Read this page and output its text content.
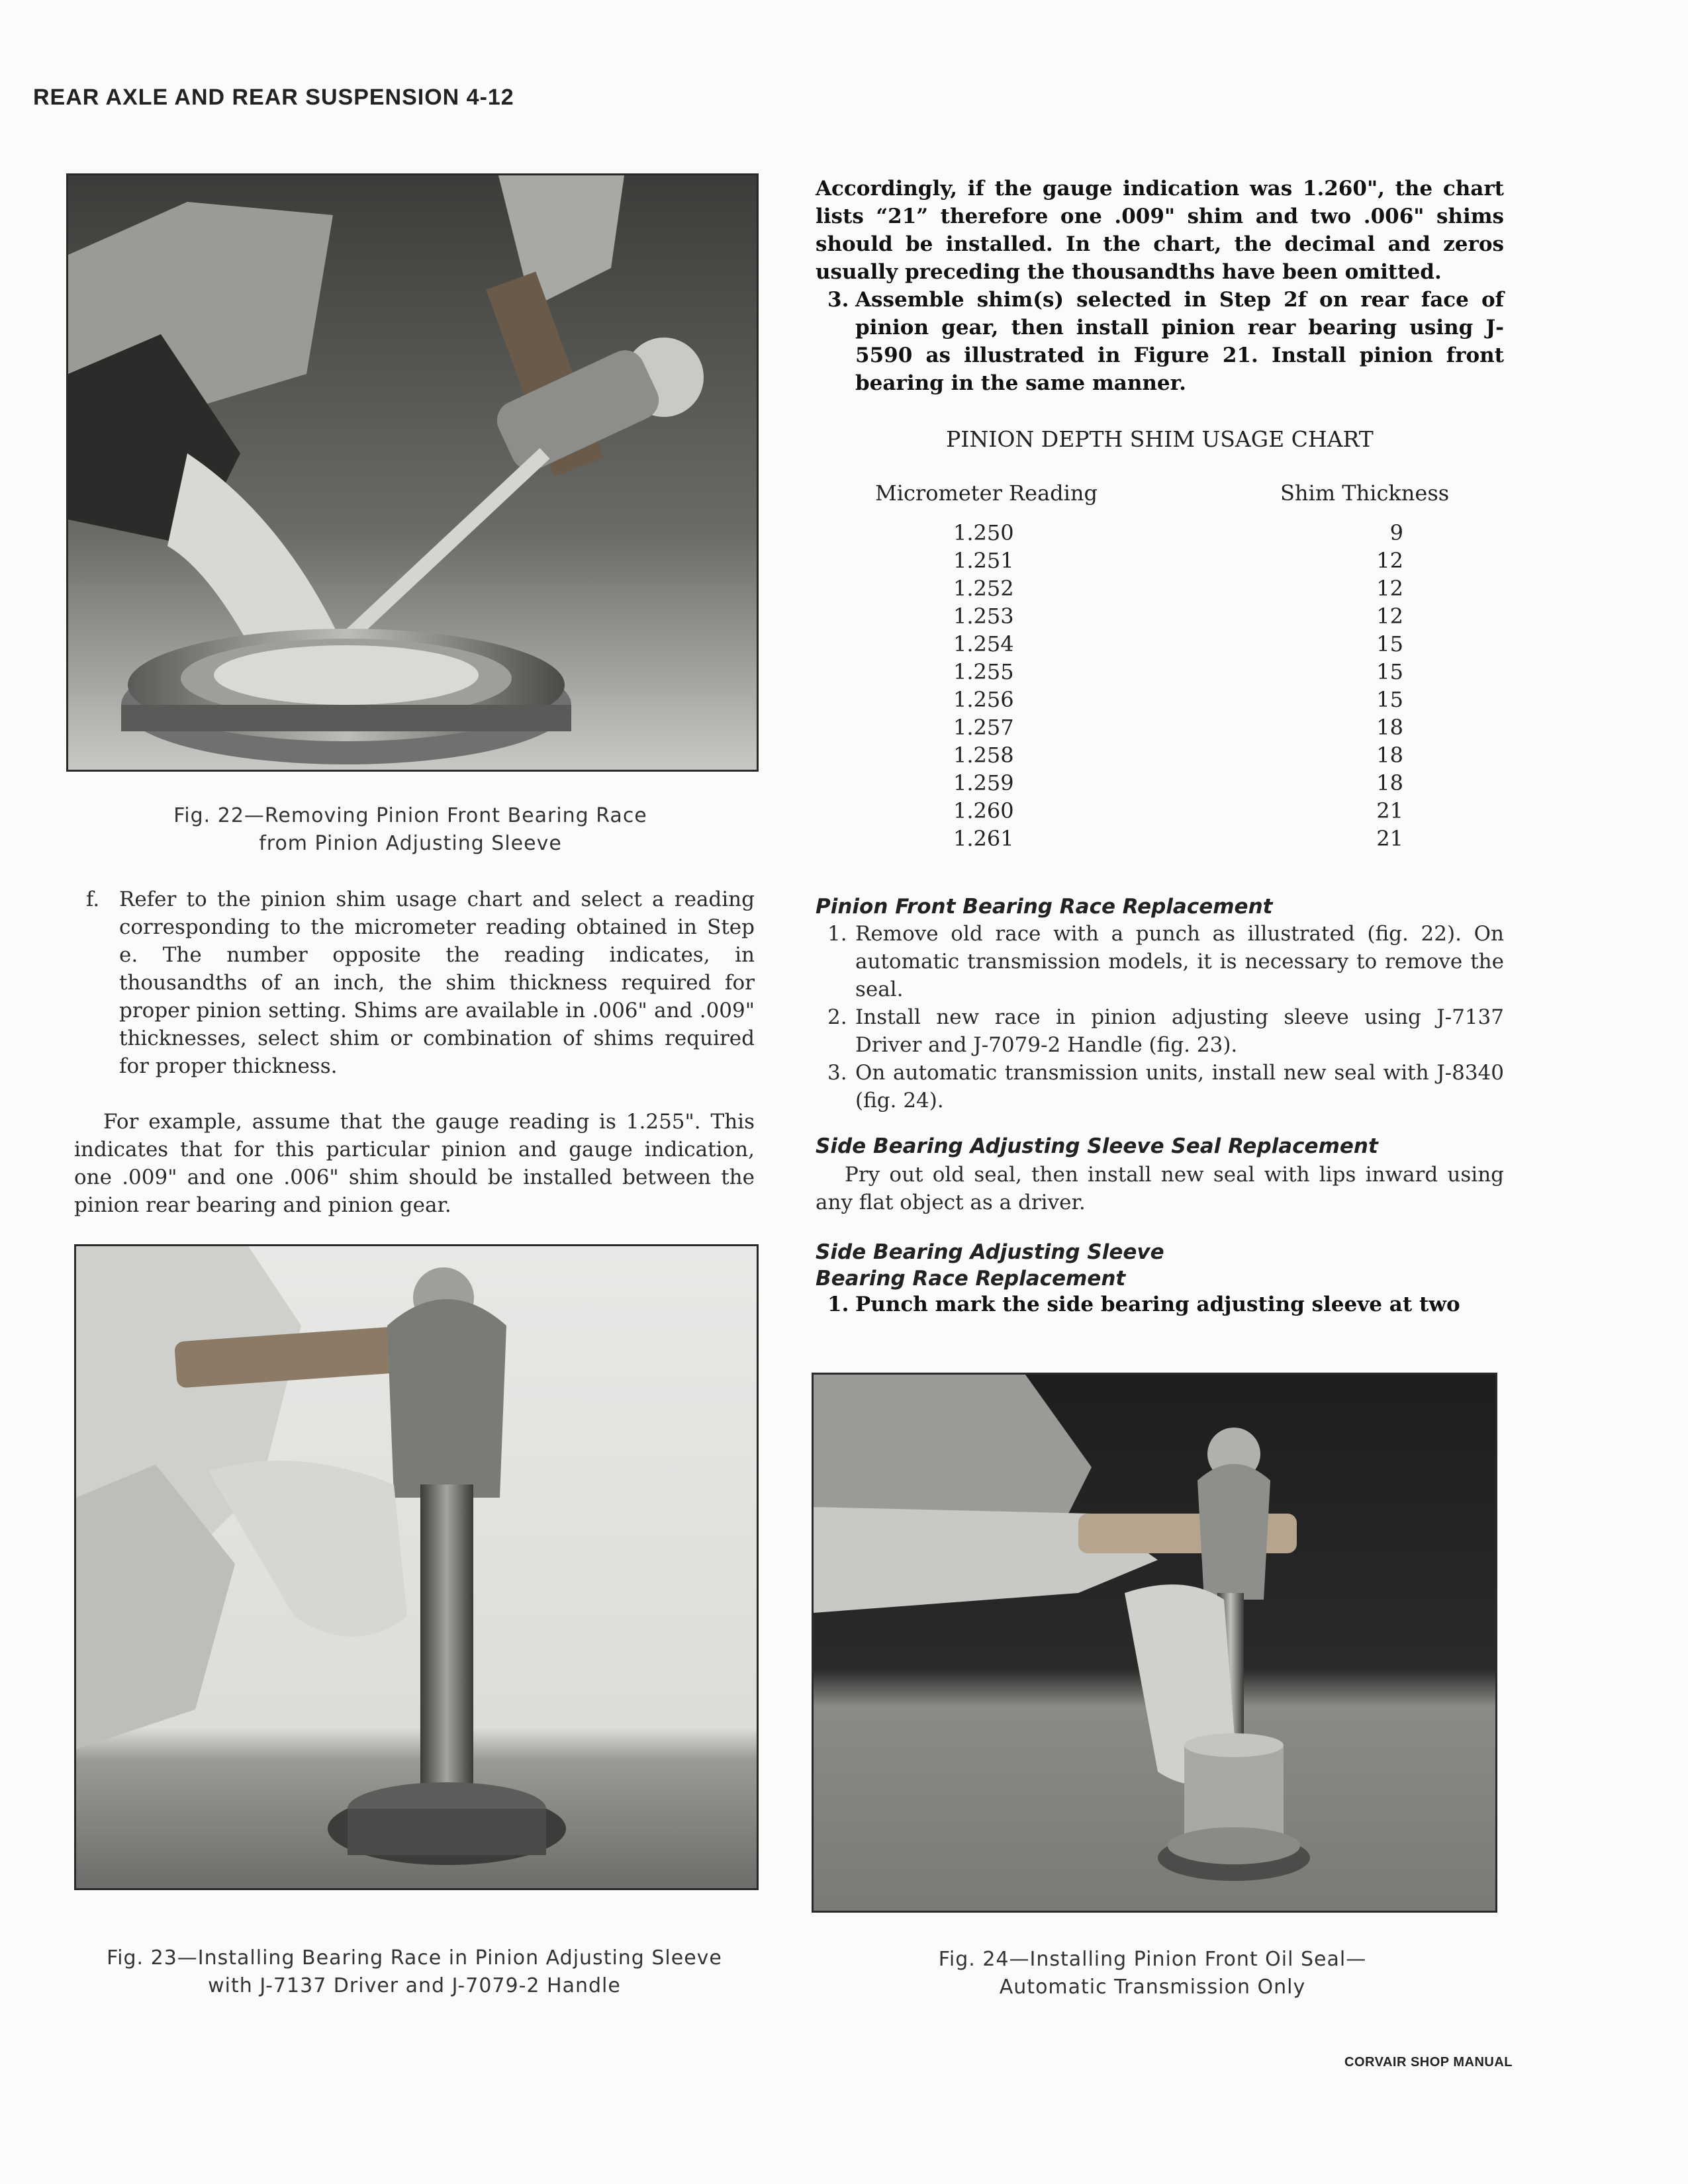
REAR AXLE AND REAR SUSPENSION 4-12
Fig. 22—Removing Pinion Front Bearing Race
from Pinion Adjusting Sleeve
f. Refer to the pinion shim usage chart and select a reading corresponding to the micrometer reading obtained in Step e. The number opposite the reading indicates, in thousandths of an inch, the shim thickness required for proper pinion setting. Shims are available in .006" and .009" thicknesses, select shim or combination of shims required for proper thickness.
For example, assume that the gauge reading is 1.255". This indicates that for this particular pinion and gauge indication, one .009" and one .006" shim should be installed between the pinion rear bearing and pinion gear.
Fig. 23—Installing Bearing Race in Pinion Adjusting Sleeve
with J-7137 Driver and J-7079-2 Handle
Accordingly, if the gauge indication was 1.260", the chart lists “21” therefore one .009" shim and two .006" shims should be installed. In the chart, the decimal and zeros usually preceding the thousandths have been omitted.
3. Assemble shim(s) selected in Step 2f on rear face of pinion gear, then install pinion rear bearing using J-5590 as illustrated in Figure 21. Install pinion front bearing in the same manner.
PINION DEPTH SHIM USAGE CHART
Micrometer Reading	Shim Thickness
1.250	9
1.251	12
1.252	12
1.253	12
1.254	15
1.255	15
1.256	15
1.257	18
1.258	18
1.259	18
1.260	21
1.261	21
Pinion Front Bearing Race Replacement
1. Remove old race with a punch as illustrated (fig. 22). On automatic transmission models, it is necessary to remove the seal.
2. Install new race in pinion adjusting sleeve using J-7137 Driver and J-7079-2 Handle (fig. 23).
3. On automatic transmission units, install new seal with J-8340 (fig. 24).
Side Bearing Adjusting Sleeve Seal Replacement
Pry out old seal, then install new seal with lips inward using any flat object as a driver.
Side Bearing Adjusting Sleeve
Bearing Race Replacement
1. Punch mark the side bearing adjusting sleeve at two
Fig. 24—Installing Pinion Front Oil Seal—
Automatic Transmission Only
CORVAIR SHOP MANUAL
